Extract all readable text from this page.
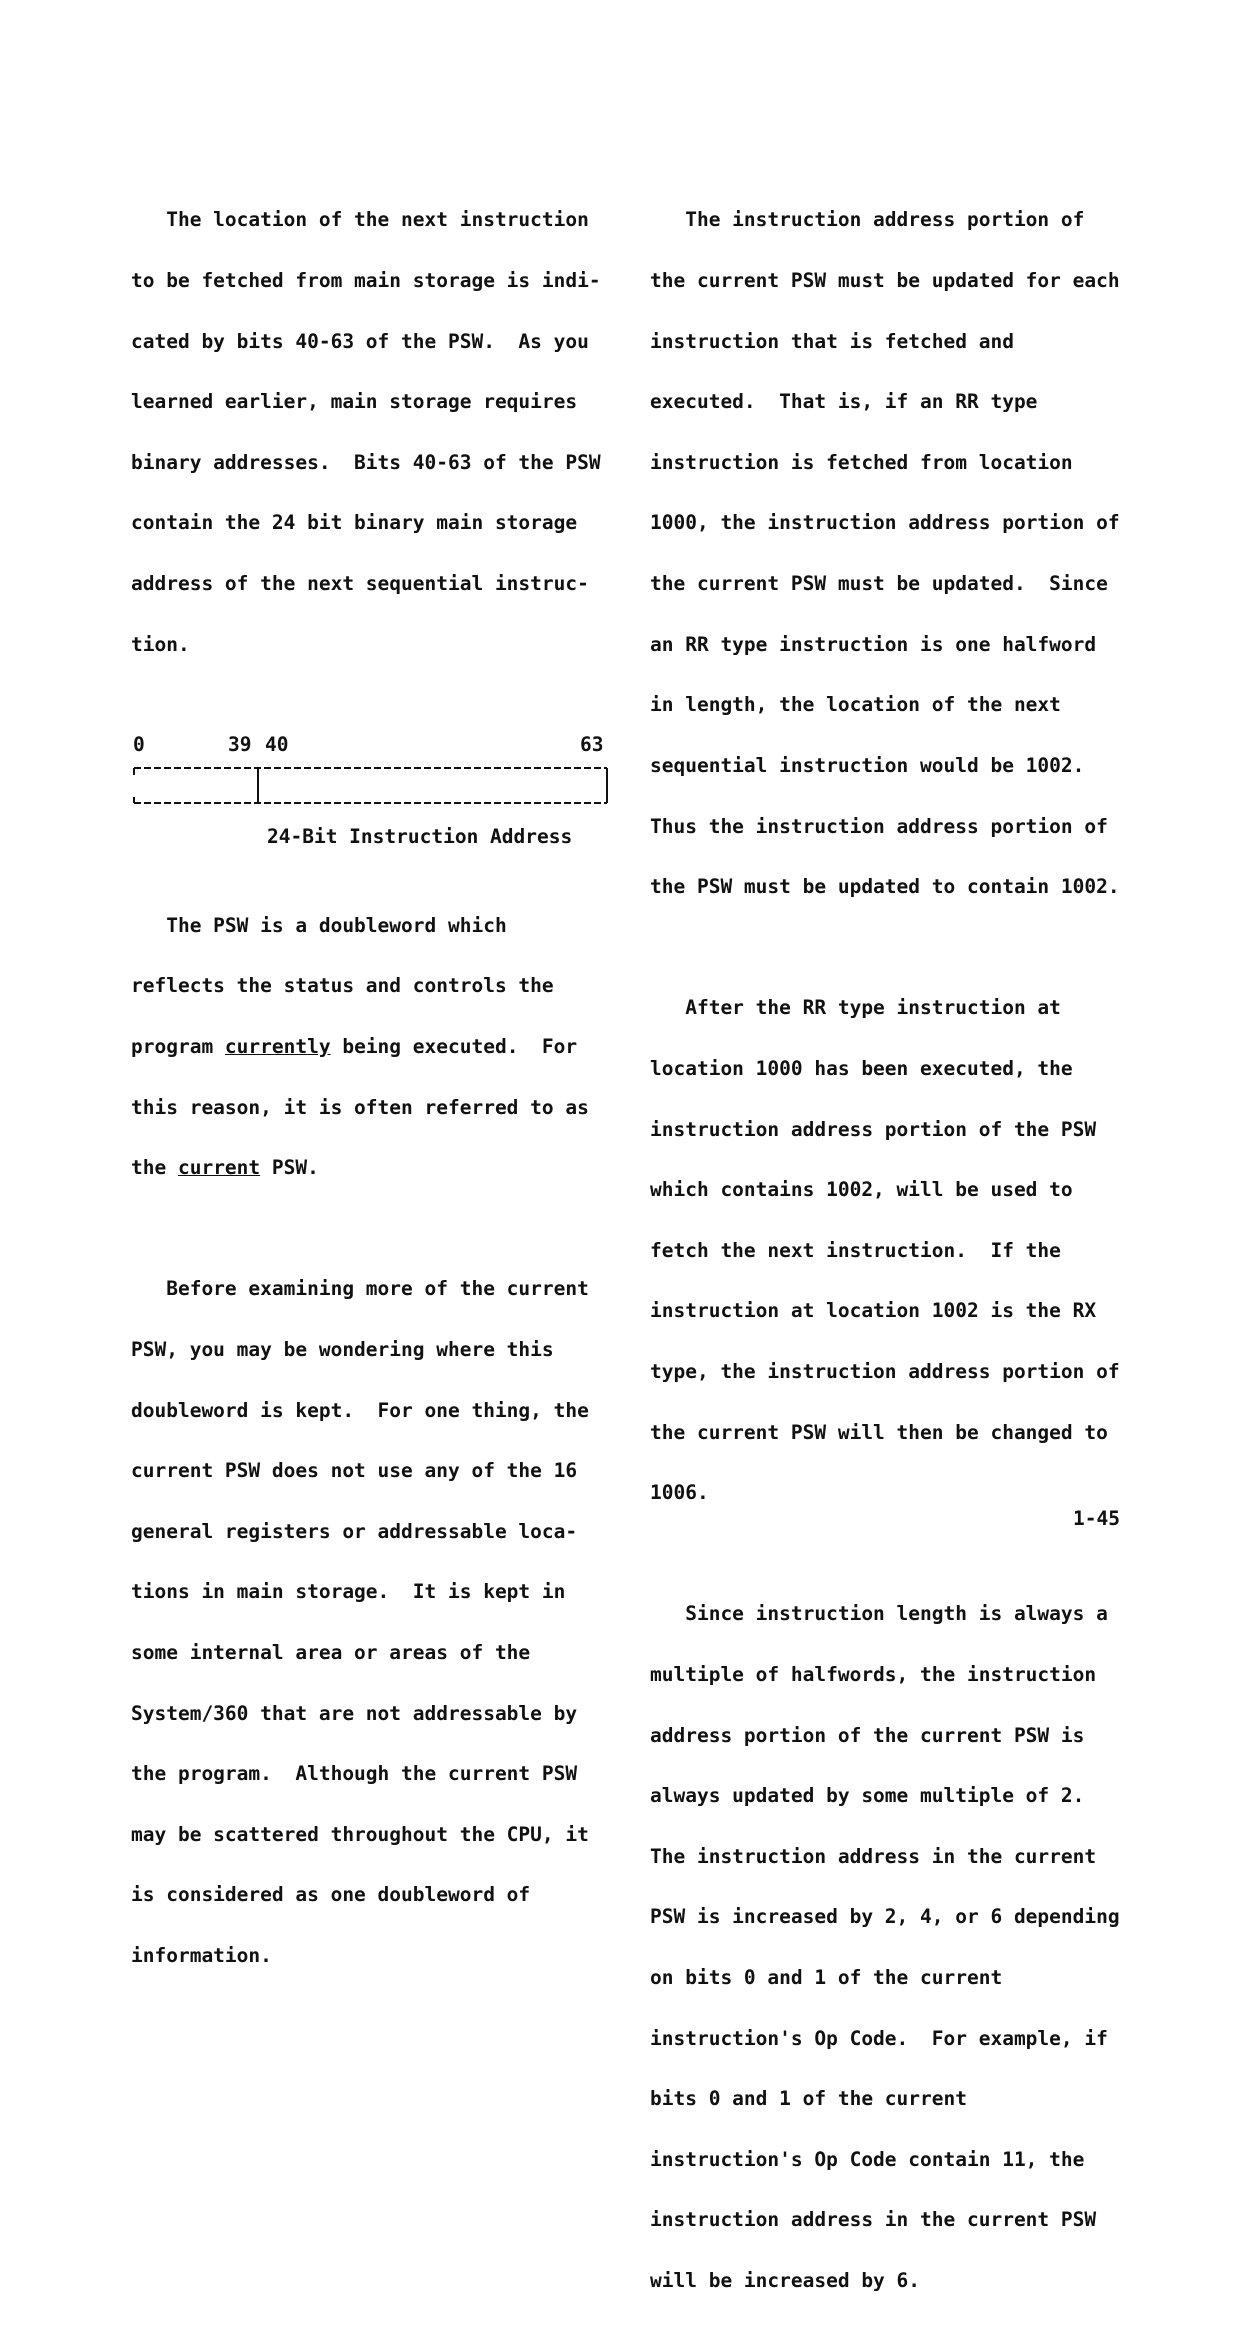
The location of the next instruction

to be fetched from main storage is indi-

cated by bits 40-63 of the PSW.  As you

learned earlier, main storage requires

binary addresses.  Bits 40-63 of the PSW

contain the 24 bit binary main storage

address of the next sequential instruc-

tion.

0	39 40	63
24-Bit Instruction Address

The PSW is a doubleword which

reflects the status and controls the

program currently being executed.  For

this reason, it is often referred to as

the current PSW.

Before examining more of the current

PSW, you may be wondering where this

doubleword is kept.  For one thing, the

current PSW does not use any of the 16

general registers or addressable loca-

tions in main storage.  It is kept in

some internal area or areas of the

System/360 that are not addressable by

the program.  Although the current PSW

may be scattered throughout the CPU, it

is considered as one doubleword of

information.

The instruction address portion of

the current PSW must be updated for each

instruction that is fetched and

executed.  That is, if an RR type

instruction is fetched from location

1000, the instruction address portion of

the current PSW must be updated.  Since

an RR type instruction is one halfword

in length, the location of the next

sequential instruction would be 1002.

Thus the instruction address portion of

the PSW must be updated to contain 1002.

After the RR type instruction at

location 1000 has been executed, the

instruction address portion of the PSW

which contains 1002, will be used to

fetch the next instruction.  If the

instruction at location 1002 is the RX

type, the instruction address portion of

the current PSW will then be changed to

1006.

Since instruction length is always a

multiple of halfwords, the instruction

address portion of the current PSW is

always updated by some multiple of 2.

The instruction address in the current

PSW is increased by 2, 4, or 6 depending

on bits 0 and 1 of the current

instruction's Op Code.  For example, if

bits 0 and 1 of the current

instruction's Op Code contain 11, the

instruction address in the current PSW

will be increased by 6.

1-45
